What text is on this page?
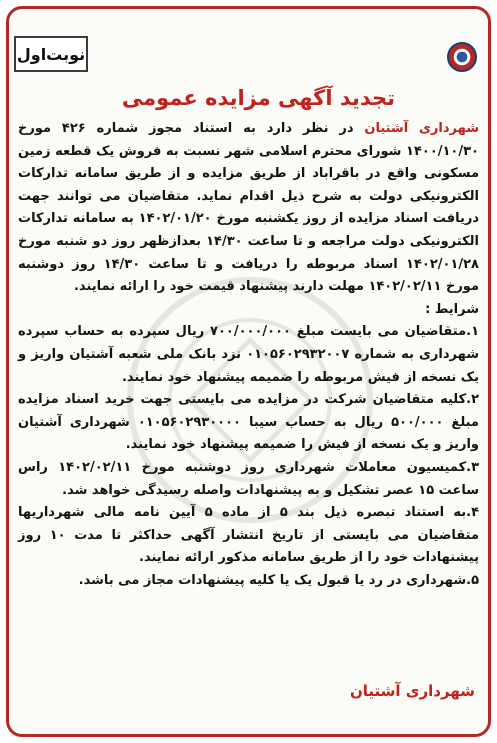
نوبت‌اول
تجدید آگهی مزایده عمومی

شهرداری آشتیان در نظر دارد به استناد مجوز شماره ۴۲۶ مورخ ۱۴۰۰/۱۰/۳۰ شورای محترم اسلامی شهر نسبت به فروش یک قطعه زمین مسکونی واقع در باقراباد از طریق مزایده و از طریق سامانه تدارکات الکترونیکی دولت به شرح ذیل اقدام نماید. متقاضیان می توانند جهت دریافت اسناد مزایده از روز یکشنبه مورخ ۱۴۰۲/۰۱/۲۰ به سامانه تدارکات الکترونیکی دولت مراجعه و تا ساعت ۱۴/۳۰ بعدازظهر روز دو شنبه مورخ ۱۴۰۲/۰۱/۲۸ اسناد مربوطه را دریافت و تا ساعت ۱۴/۳۰ روز دوشنبه مورخ ۱۴۰۲/۰۲/۱۱ مهلت دارند پیشنهاد قیمت خود را ارائه نمایند.

شرایط :

۱.متقاضیان می بایست مبلغ ۷۰۰/۰۰۰/۰۰۰ ریال سپرده به حساب سپرده شهرداری به شماره ۰۱۰۵۶۰۲۹۳۲۰۰۷ نزد بانک ملی شعبه آشتیان واریز و یک نسخه از فیش مربوطه را ضمیمه پیشنهاد خود نمایند.

۲.کلیه متقاضیان شرکت در مزایده می بایستی جهت خرید اسناد مزایده مبلغ ۵۰۰/۰۰۰ ریال به حساب سیبا ۰۱۰۵۶۰۲۹۳۰۰۰۰ شهرداری آشتیان واریز و یک نسخه از فیش را ضمیمه پیشنهاد خود نمایند.

۳.کمیسیون معاملات شهرداری روز دوشنبه مورخ ۱۴۰۲/۰۲/۱۱ راس ساعت ۱۵ عصر تشکیل و به پیشنهادات واصله رسیدگی خواهد شد.

۴.به استناد تبصره ذیل بند ۵ از ماده ۵ آیین نامه مالی شهرداریها متقاضیان می بایستی از تاریخ انتشار آگهی حداکثر تا مدت ۱۰ روز پیشنهادات خود را از طریق سامانه مذکور ارائه نمایند.

۵.شهرداری در رد یا قبول یک یا کلیه پیشنهادات مجاز می باشد.

شهرداری آشتیان
